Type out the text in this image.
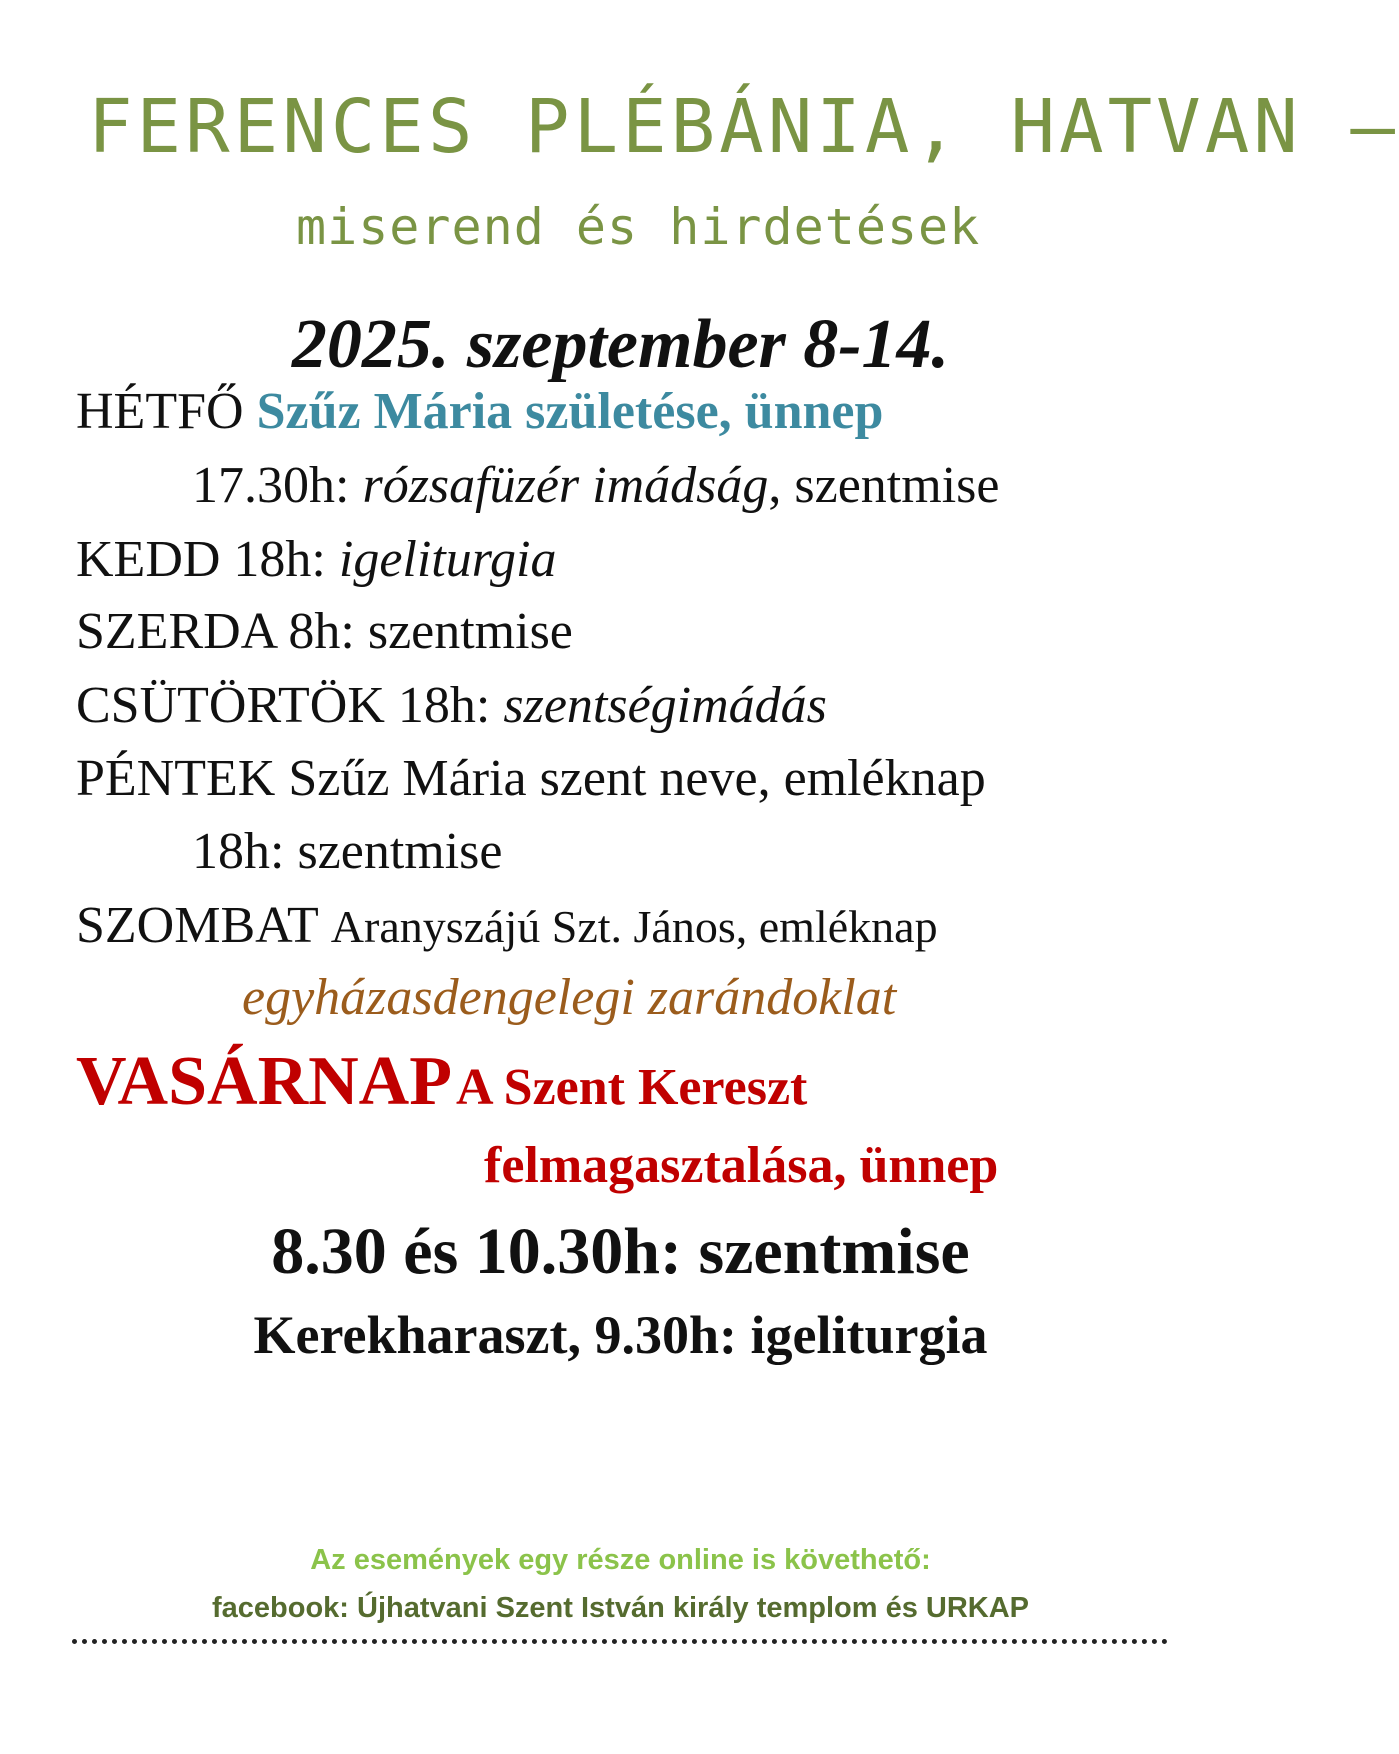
FERENCES PLÉBÁNIA, HATVAN –
miserend és hirdetések
2025. szeptember 8-14.
HÉTFŐ Szűz Mária születése, ünnep
17.30h: rózsafüzér imádság, szentmise
KEDD 18h: igeliturgia
SZERDA 8h: szentmise
CSÜTÖRTÖK 18h: szentségimádás
PÉNTEK Szűz Mária szent neve, emléknap
18h: szentmise
SZOMBAT Aranyszájú Szt. János, emléknap
egyházasdengelegi zarándoklat
VASÁRNAP A Szent Kereszt
felmagasztalása, ünnep
8.30 és 10.30h: szentmise
Kerekharaszt, 9.30h: igeliturgia
Az események egy része online is követhető:
facebook: Újhatvani Szent István király templom és URKAP
